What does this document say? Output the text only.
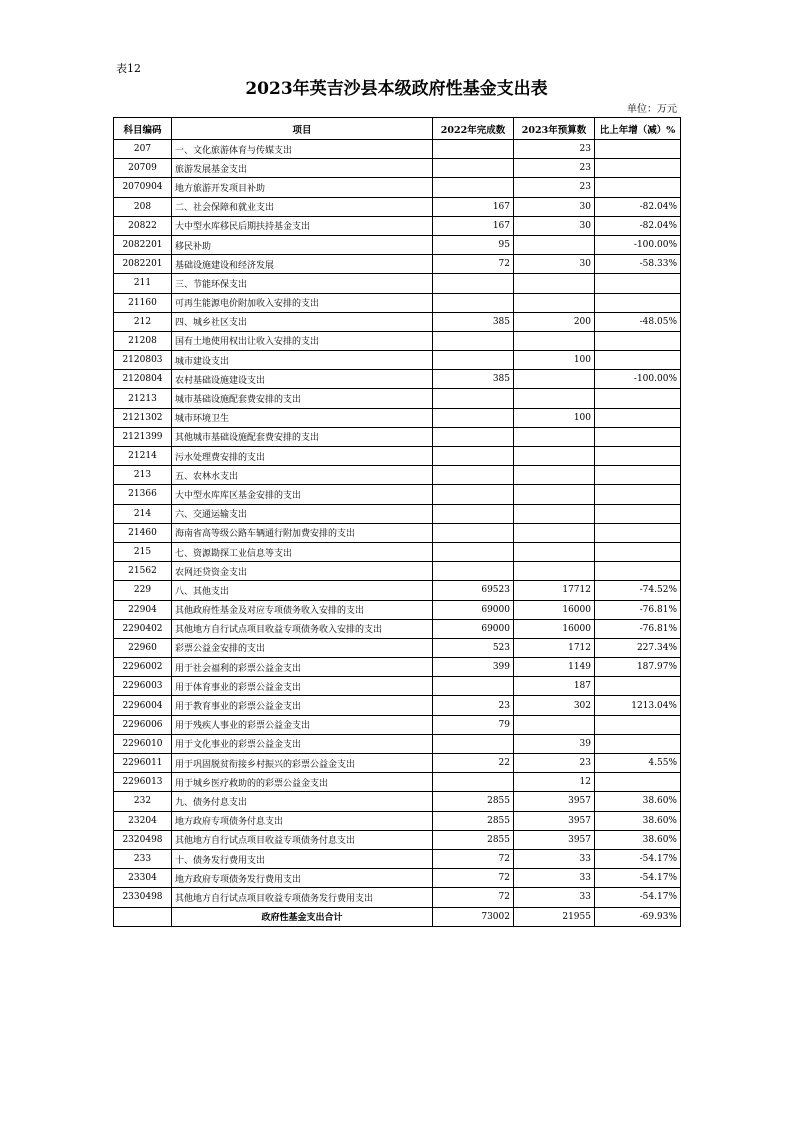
表12
2023年英吉沙县本级政府性基金支出表
单位：万元
科目编码	项目	2022年完成数	2023年预算数	比上年增（减）%
207	一、文化旅游体育与传媒支出		23	
20709	旅游发展基金支出		23	
2070904	地方旅游开发项目补助		23	
208	二、社会保障和就业支出	167	30	-82.04%
20822	大中型水库移民后期扶持基金支出	167	30	-82.04%
2082201	移民补助	95		-100.00%
2082201	基础设施建设和经济发展	72	30	-58.33%
211	三、节能环保支出			
21160	可再生能源电价附加收入安排的支出			
212	四、城乡社区支出	385	200	-48.05%
21208	国有土地使用权出让收入安排的支出			
2120803	城市建设支出		100	
2120804	农村基础设施建设支出	385		-100.00%
21213	城市基础设施配套费安排的支出			
2121302	城市环境卫生		100	
2121399	其他城市基础设施配套费安排的支出			
21214	污水处理费安排的支出			
213	五、农林水支出			
21366	大中型水库库区基金安排的支出			
214	六、交通运输支出			
21460	海南省高等级公路车辆通行附加费安排的支出			
215	七、资源勘探工业信息等支出			
21562	农网还贷资金支出			
229	八、其他支出	69523	17712	-74.52%
22904	其他政府性基金及对应专项债务收入安排的支出	69000	16000	-76.81%
2290402	其他地方自行试点项目收益专项债务收入安排的支出	69000	16000	-76.81%
22960	彩票公益金安排的支出	523	1712	227.34%
2296002	用于社会福利的彩票公益金支出	399	1149	187.97%
2296003	用于体育事业的彩票公益金支出		187	
2296004	用于教育事业的彩票公益金支出	23	302	1213.04%
2296006	用于残疾人事业的彩票公益金支出	79		
2296010	用于文化事业的彩票公益金支出		39	
2296011	用于巩固脱贫衔接乡村振兴的彩票公益金支出	22	23	4.55%
2296013	用于城乡医疗救助的的彩票公益金支出		12	
232	九、债务付息支出	2855	3957	38.60%
23204	地方政府专项债务付息支出	2855	3957	38.60%
2320498	其他地方自行试点项目收益专项债务付息支出	2855	3957	38.60%
233	十、债务发行费用支出	72	33	-54.17%
23304	地方政府专项债务发行费用支出	72	33	-54.17%
2330498	其他地方自行试点项目收益专项债务发行费用支出	72	33	-54.17%
	政府性基金支出合计	73002	21955	-69.93%
